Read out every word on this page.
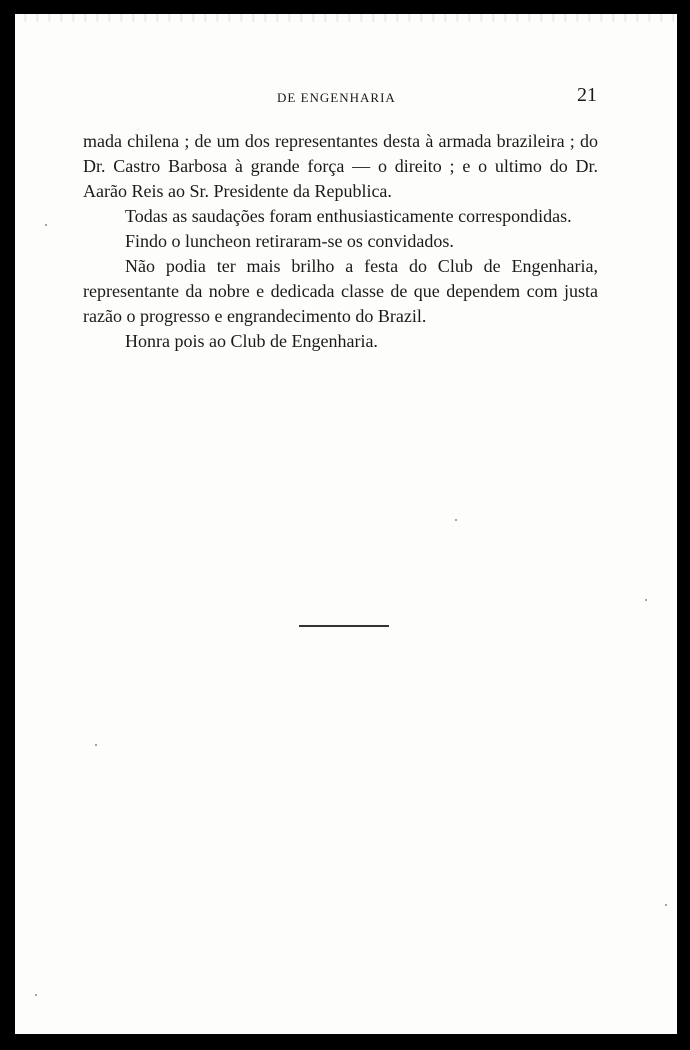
DE ENGENHARIA	21

mada chilena ; de um dos representantes desta à armada brazileira ; do Dr. Castro Barbosa à grande força — o direito ; e o ultimo do Dr. Aarão Reis ao Sr. Presidente da Republica.

Todas as saudações foram enthusiasticamente correspondidas.

Findo o luncheon retiraram-se os convidados.

Não podia ter mais brilho a festa do Club de Engenharia, representante da nobre e dedicada classe de que dependem com justa razão o progresso e engrandecimento do Brazil.

Honra pois ao Club de Engenharia.
